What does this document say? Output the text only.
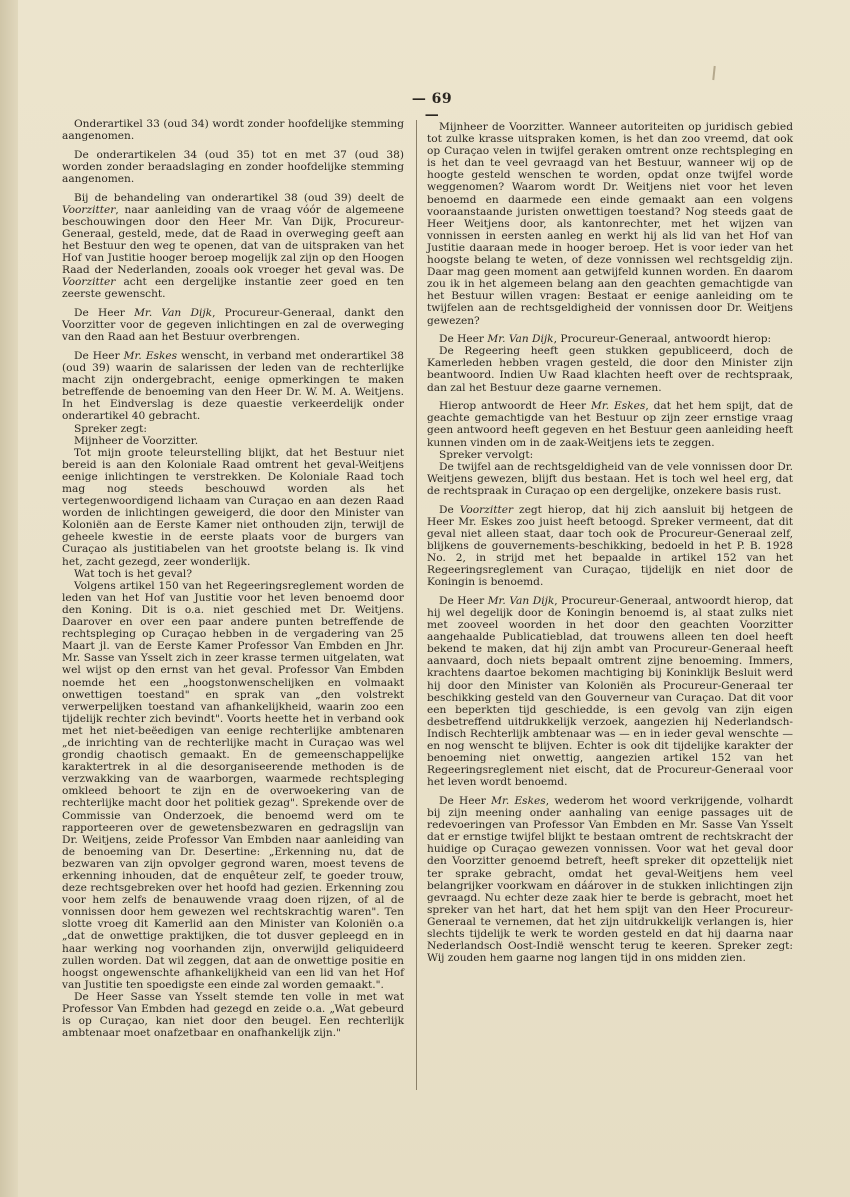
— 69 —

Onderartikel 33 (oud 34) wordt zonder hoofdelijke stemming aangenomen.

De onderartikelen 34 (oud 35) tot en met 37 (oud 38) worden zonder beraadslaging en zonder hoofdelijke stemming aangenomen.

Bij de behandeling van onderartikel 38 (oud 39) deelt de Voorzitter, naar aanleiding van de vraag vóór de algemeene beschouwingen door den Heer Mr. Van Dijk, Procureur-Generaal, gesteld, mede, dat de Raad in overweging geeft aan het Bestuur den weg te openen, dat van de uitspraken van het Hof van Justitie hooger beroep mogelijk zal zijn op den Hoogen Raad der Nederlanden, zooals ook vroeger het geval was. De Voorzitter acht een dergelijke instantie zeer goed en ten zeerste gewenscht.

De Heer Mr. Van Dijk, Procureur-Generaal, dankt den Voorzitter voor de gegeven inlichtingen en zal de overweging van den Raad aan het Bestuur overbrengen.

De Heer Mr. Eskes wenscht, in verband met onderartikel 38 (oud 39) waarin de salarissen der leden van de rechterlijke macht zijn ondergebracht, eenige opmerkingen te maken betreffende de benoeming van den Heer Dr. W. M. A. Weitjens. In het Eindverslag is deze quaestie verkeerdelijk onder onderartikel 40 gebracht.

Spreker zegt:

Mijnheer de Voorzitter.

Tot mijn groote teleurstelling blijkt, dat het Bestuur niet bereid is aan den Koloniale Raad omtrent het geval-Weitjens eenige inlichtingen te verstrekken. De Koloniale Raad toch mag nog steeds beschouwd worden als het vertegenwoordigend lichaam van Curaçao en aan dezen Raad worden de inlichtingen geweigerd, die door den Minister van Koloniën aan de Eerste Kamer niet onthouden zijn, terwijl de geheele kwestie in de eerste plaats voor de burgers van Curaçao als justitiabelen van het grootste belang is. Ik vind het, zacht gezegd, zeer wonderlijk.

Wat toch is het geval?

Volgens artikel 150 van het Regeeringsreglement worden de leden van het Hof van Justitie voor het leven benoemd door den Koning. Dit is o.a. niet geschied met Dr. Weitjens. Daarover en over een paar andere punten betreffende de rechtspleging op Curaçao hebben in de vergadering van 25 Maart jl. van de Eerste Kamer Professor Van Embden en Jhr. Mr. Sasse van Ysselt zich in zeer krasse termen uitgelaten, wat wel wijst op den ernst van het geval. Professor Van Embden noemde het een „hoogstonwenschelijken en volmaakt onwettigen toestand" en sprak van „den volstrekt verwerpelijken toestand van afhankelijkheid, waarin zoo een tijdelijk rechter zich bevindt". Voorts heette het in verband ook met het niet-beëedigen van eenige rechterlijke ambtenaren „de inrichting van de rechterlijke macht in Curaçao was wel grondig chaotisch gemaakt. En de gemeenschappelijke karaktertrek in al die desorganiseerende methoden is de verzwakking van de waarborgen, waarmede rechtspleging omkleed behoort te zijn en de overwoekering van de rechterlijke macht door het politiek gezag". Sprekende over de Commissie van Onderzoek, die benoemd werd om te rapporteeren over de gewetensbezwaren en gedragslijn van Dr. Weitjens, zeide Professor Van Embden naar aanleiding van de benoeming van Dr. Desertine: „Erkenning nu, dat de bezwaren van zijn opvolger gegrond waren, moest tevens de erkenning inhouden, dat de enquêteur zelf, te goeder trouw, deze rechtsgebreken over het hoofd had gezien. Erkenning zou voor hem zelfs de benauwende vraag doen rijzen, of al de vonnissen door hem gewezen wel rechtskrachtig waren". Ten slotte vroeg dit Kamerlid aan den Minister van Koloniën o.a „dat de onwettige praktijken, die tot dusver gepleegd en in haar werking nog voorhanden zijn, onverwijld geliquideerd zullen worden. Dat wil zeggen, dat aan de onwettige positie en hoogst ongewenschte afhankelijkheid van een lid van het Hof van Justitie ten spoedigste een einde zal worden gemaakt.".

De Heer Sasse van Ysselt stemde ten volle in met wat Professor Van Embden had gezegd en zeide o.a. „Wat gebeurd is op Curaçao, kan niet door den beugel. Een rechterlijk ambtenaar moet onafzetbaar en onafhankelijk zijn."

Mijnheer de Voorzitter. Wanneer autoriteiten op juridisch gebied tot zulke krasse uitspraken komen, is het dan zoo vreemd, dat ook op Curaçao velen in twijfel geraken omtrent onze rechtspleging en is het dan te veel gevraagd van het Bestuur, wanneer wij op de hoogte gesteld wenschen te worden, opdat onze twijfel worde weggenomen? Waarom wordt Dr. Weitjens niet voor het leven benoemd en daarmede een einde gemaakt aan een volgens vooraanstaande juristen onwettigen toestand? Nog steeds gaat de Heer Weitjens door, als kantonrechter, met het wijzen van vonnissen in eersten aanleg en werkt hij als lid van het Hof van Justitie daaraan mede in hooger beroep. Het is voor ieder van het hoogste belang te weten, of deze vonnissen wel rechtsgeldig zijn. Daar mag geen moment aan getwijfeld kunnen worden. En daarom zou ik in het algemeen belang aan den geachten gemachtigde van het Bestuur willen vragen: Bestaat er eenige aanleiding om te twijfelen aan de rechtsgeldigheid der vonnissen door Dr. Weitjens gewezen?

De Heer Mr. Van Dijk, Procureur-Generaal, antwoordt hierop:

De Regeering heeft geen stukken gepubliceerd, doch de Kamerleden hebben vragen gesteld, die door den Minister zijn beantwoord. Indien Uw Raad klachten heeft over de rechtspraak, dan zal het Bestuur deze gaarne vernemen.

Hierop antwoordt de Heer Mr. Eskes, dat het hem spijt, dat de geachte gemachtigde van het Bestuur op zijn zeer ernstige vraag geen antwoord heeft gegeven en het Bestuur geen aanleiding heeft kunnen vinden om in de zaak-Weitjens iets te zeggen.

Spreker vervolgt:

De twijfel aan de rechtsgeldigheid van de vele vonnissen door Dr. Weitjens gewezen, blijft dus bestaan. Het is toch wel heel erg, dat de rechtspraak in Curaçao op een dergelijke, onzekere basis rust.

De Voorzitter zegt hierop, dat hij zich aansluit bij hetgeen de Heer Mr. Eskes zoo juist heeft betoogd. Spreker vermeent, dat dit geval niet alleen staat, daar toch ook de Procureur-Generaal zelf, blijkens de gouvernements-beschikking, bedoeld in het P. B. 1928 No. 2, in strijd met het bepaalde in artikel 152 van het Regeeringsreglement van Curaçao, tijdelijk en niet door de Koningin is benoemd.

De Heer Mr. Van Dijk, Procureur-Generaal, antwoordt hierop, dat hij wel degelijk door de Koningin benoemd is, al staat zulks niet met zooveel woorden in het door den geachten Voorzitter aangehaalde Publicatieblad, dat trouwens alleen ten doel heeft bekend te maken, dat hij zijn ambt van Procureur-Generaal heeft aanvaard, doch niets bepaalt omtrent zijne benoeming. Immers, krachtens daartoe bekomen machtiging bij Koninklijk Besluit werd hij door den Minister van Koloniën als Procureur-Generaal ter beschikking gesteld van den Gouverneur van Curaçao. Dat dit voor een beperkten tijd geschiedde, is een gevolg van zijn eigen desbetreffend uitdrukkelijk verzoek, aangezien hij Nederlandsch-Indisch Rechterlijk ambtenaar was — en in ieder geval wenschte — en nog wenscht te blijven. Echter is ook dit tijdelijke karakter der benoeming niet onwettig, aangezien artikel 152 van het Regeeringsreglement niet eischt, dat de Procureur-Generaal voor het leven wordt benoemd.

De Heer Mr. Eskes, wederom het woord verkrijgende, volhardt bij zijn meening onder aanhaling van eenige passages uit de redevoeringen van Professor Van Embden en Mr. Sasse Van Ysselt dat er ernstige twijfel blijkt te bestaan omtrent de rechtskracht der huidige op Curaçao gewezen vonnissen. Voor wat het geval door den Voorzitter genoemd betreft, heeft spreker dit opzettelijk niet ter sprake gebracht, omdat het geval-Weitjens hem veel belangrijker voorkwam en dáárover in de stukken inlichtingen zijn gevraagd. Nu echter deze zaak hier te berde is gebracht, moet het spreker van het hart, dat het hem spijt van den Heer Procureur-Generaal te vernemen, dat het zijn uitdrukkelijk verlangen is, hier slechts tijdelijk te werk te worden gesteld en dat hij daarna naar Nederlandsch Oost-Indië wenscht terug te keeren. Spreker zegt: Wij zouden hem gaarne nog langen tijd in ons midden zien.
